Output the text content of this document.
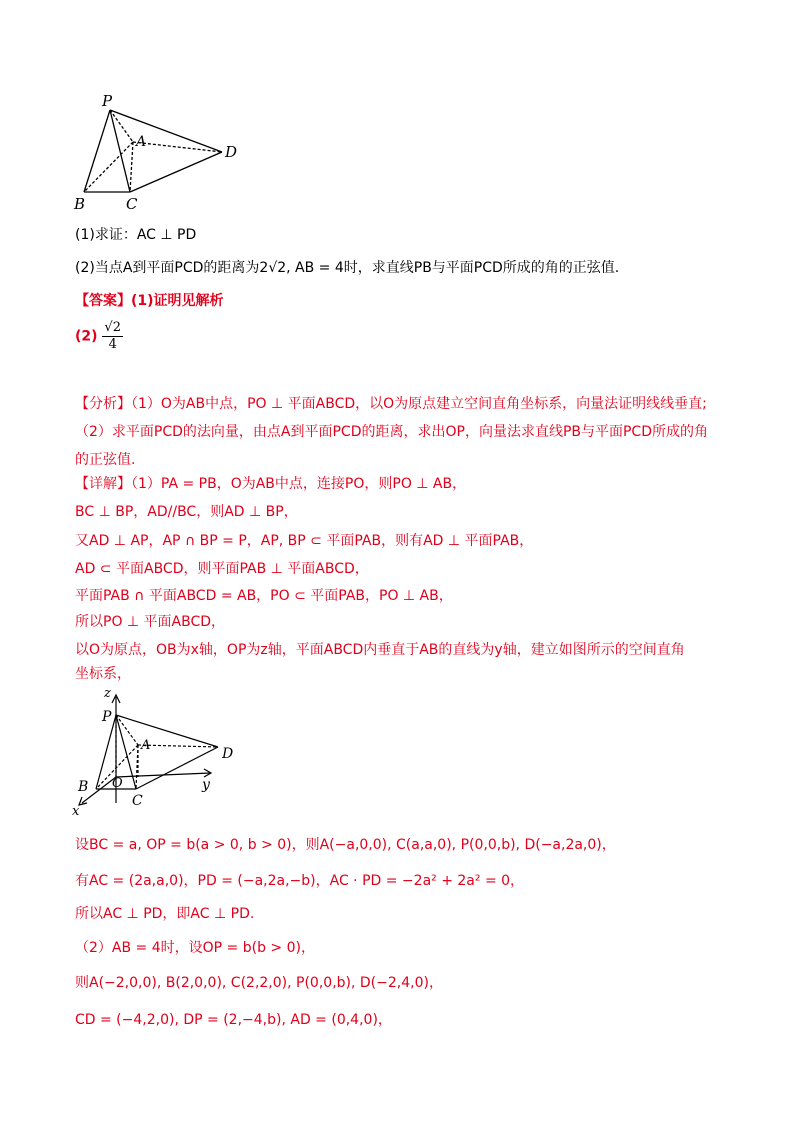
P
A
D
B	C
(1)求证：AC ⊥ PD
(2)当点A到平面PCD的距离为2√2, AB = 4时，求直线PB与平面PCD所成的角的正弦值.
【答案】(1)证明见解析
$(2) \frac{√2}{4}$
【分析】（1）O为AB中点，PO ⊥ 平面ABCD，以O为原点建立空间直角坐标系，向量法证明线线垂直;
（2）求平面PCD的法向量，由点A到平面PCD的距离，求出OP，向量法求直线PB与平面PCD所成的角
的正弦值.
【详解】（1）PA = PB，O为AB中点，连接PO，则PO ⊥ AB，
BC ⊥ BP，AD//BC，则AD ⊥ BP，
又AD ⊥ AP，AP ∩ BP = P，AP, BP ⊂ 平面PAB，则有AD ⊥ 平面PAB，
AD ⊂ 平面ABCD，则平面PAB ⊥ 平面ABCD，
平面PAB ∩ 平面ABCD = AB，PO ⊂ 平面PAB，PO ⊥ AB，
所以PO ⊥ 平面ABCD，
以O为原点，OB为x轴，OP为z轴，平面ABCD内垂直于AB的直线为y轴，建立如图所示的空间直角
坐标系，
z
P
A
D
B O
C
y
x
设BC = a, OP = b(a > 0, b > 0)，则A(−a,0,0), C(a,a,0), P(0,0,b), D(−a,2a,0)，
有AC = (2a,a,0)，PD = (−a,2a,−b)，AC · PD = −2a² + 2a² = 0，
所以AC ⊥ PD，即AC ⊥ PD.
（2）AB = 4时，设OP = b(b > 0)，
则A(−2,0,0), B(2,0,0), C(2,2,0), P(0,0,b), D(−2,4,0)，
CD = (−4,2,0), DP = (2,−4,b), AD = (0,4,0)，
